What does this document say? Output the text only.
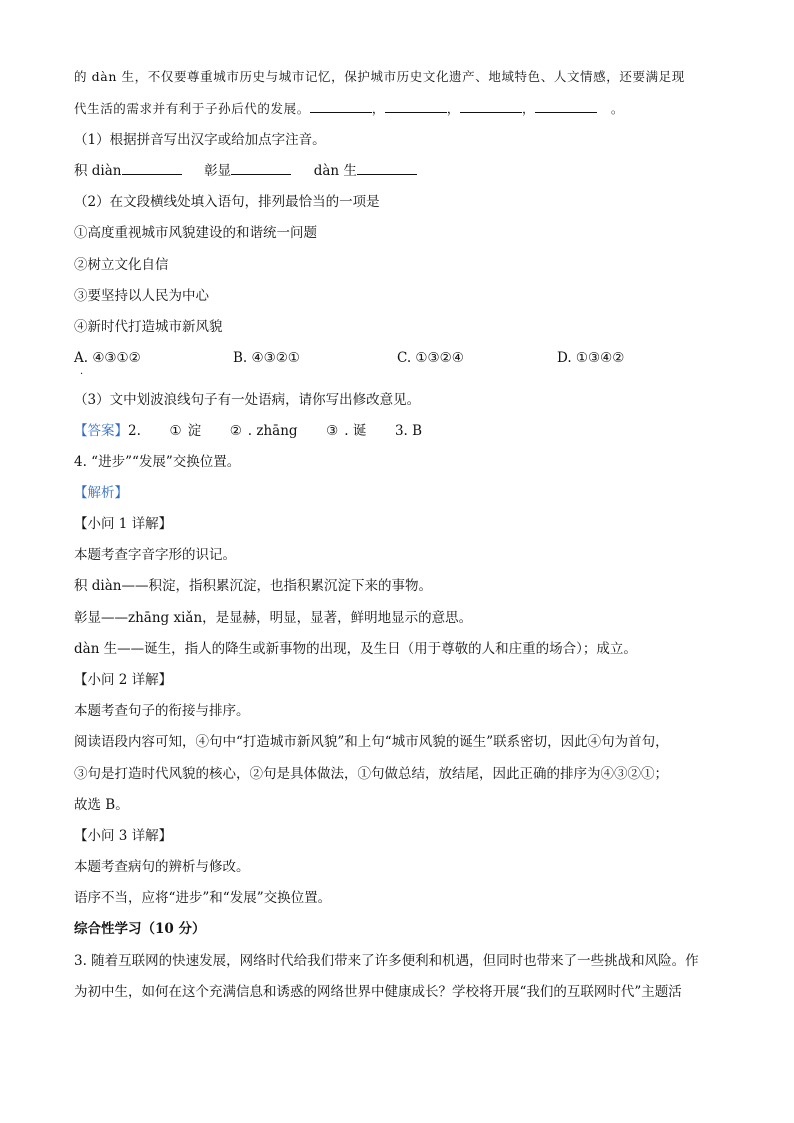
的 dàn 生，不仅要尊重城市历史与城市记忆，保护城市历史文化遗产、地域特色、人文情感，还要满足现
代生活的需求并有利于子孙后代的发展。	，	，	，	。
（1）根据拼音写出汉字或给加点字注音。
积 diàn	彰显	dàn 生
（2）在文段横线处填入语句，排列最恰当的一项是
①高度重视城市风貌建设的和谐统一问题
②树立文化自信
③要坚持以人民为中心
④新时代打造城市新风貌
A. ④③①②	B. ④③②①	C. ①③②④	D. ①③④②
·
（3）文中划波浪线句子有一处语病，请你写出修改意见。
【答案】2. ① 淀 ② . zhāng ③ . 诞 3. B
4. “进步”“发展”交换位置。
【解析】
【小问 1 详解】
本题考查字音字形的识记。
积 diàn——积淀，指积累沉淀，也指积累沉淀下来的事物。
彰显——zhāng xiǎn，是显赫，明显，显著，鲜明地显示的意思。
dàn 生——诞生，指人的降生或新事物的出现，及生日（用于尊敬的人和庄重的场合）；成立。
【小问 2 详解】
本题考查句子的衔接与排序。
阅读语段内容可知，④句中“打造城市新风貌”和上句“城市风貌的诞生”联系密切，因此④句为首句，
③句是打造时代风貌的核心，②句是具体做法，①句做总结，放结尾，因此正确的排序为④③②①；
故选 B。
【小问 3 详解】
本题考查病句的辨析与修改。
语序不当，应将“进步”和“发展”交换位置。
综合性学习（10 分）
3. 随着互联网的快速发展，网络时代给我们带来了许多便利和机遇，但同时也带来了一些挑战和风险。作
为初中生，如何在这个充满信息和诱惑的网络世界中健康成长？学校将开展“我们的互联网时代”主题活
